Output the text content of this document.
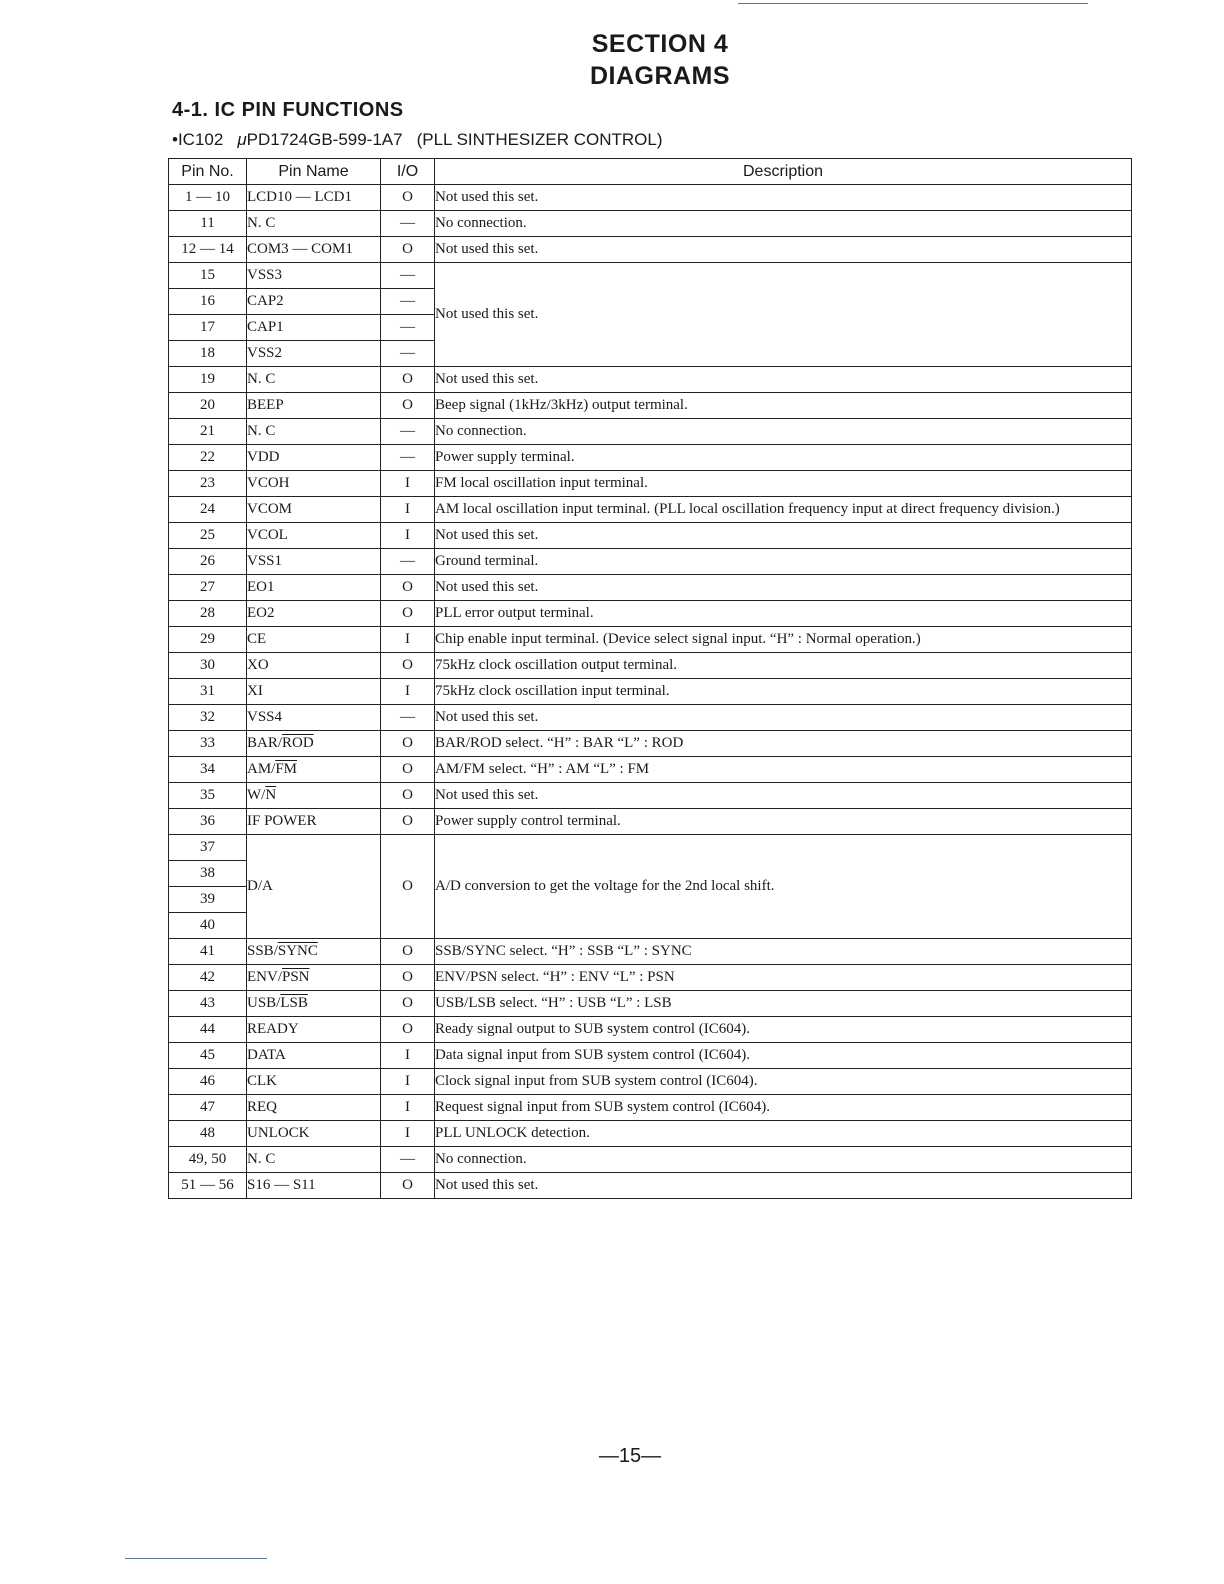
SECTION 4
DIAGRAMS
4-1. IC PIN FUNCTIONS
•IC102 μPD1724GB-599-1A7 (PLL SINTHESIZER CONTROL)
Pin No.	Pin Name	I/O	Description
1 — 10	LCD10 — LCD1	O	Not used this set.
11	N. C	—	No connection.
12 — 14	COM3 — COM1	O	Not used this set.
15	VSS3	—	Not used this set.
16	CAP2	—	
17	CAP1	—	
18	VSS2	—	
19	N. C	O	Not used this set.
20	BEEP	O	Beep signal (1kHz/3kHz) output terminal.
21	N. C	—	No connection.
22	VDD	—	Power supply terminal.
23	VCOH	I	FM local oscillation input terminal.
24	VCOM	I	AM local oscillation input terminal. (PLL local oscillation frequency input at direct frequency division.)
25	VCOL	I	Not used this set.
26	VSS1	—	Ground terminal.
27	EO1	O	Not used this set.
28	EO2	O	PLL error output terminal.
29	CE	I	Chip enable input terminal. (Device select signal input. “H” : Normal operation.)
30	XO	O	75kHz clock oscillation output terminal.
31	XI	I	75kHz clock oscillation input terminal.
32	VSS4	—	Not used this set.
33	BAR/$\overline{ROD}$	O	BAR/ROD select. “H” : BAR “L” : ROD
34	$AM/\overline{FM}$	O	AM/FM select. “H” : AM “L” : FM
35	$W/\overline{N}$	O	Not used this set.
36	IF POWER	O	Power supply control terminal.
37	D/A	O	A/D conversion to get the voltage for the 2nd local shift.
38			
39			
40			
41	SSB/SYNC	O	SSB/SYNC select. “H” : SSB “L” : SYNC
42	ENV/$\overline{PSN}$	O	ENV/PSN select. “H” : ENV “L” : PSN
43	USB/$\overline{LSB}$	O	USB/LSB select. “H” : USB “L” : LSB
44	READY	O	Ready signal output to SUB system control (IC604).
45	DATA	I	Data signal input from SUB system control (IC604).
46	CLK	I	Clock signal input from SUB system control (IC604).
47	REQ	I	Request signal input from SUB system control (IC604).
48	UNLOCK	I	PLL UNLOCK detection.
49, 50	N. C	—	No connection.
51 — 56	S16 — S11	O	Not used this set.
—15—
